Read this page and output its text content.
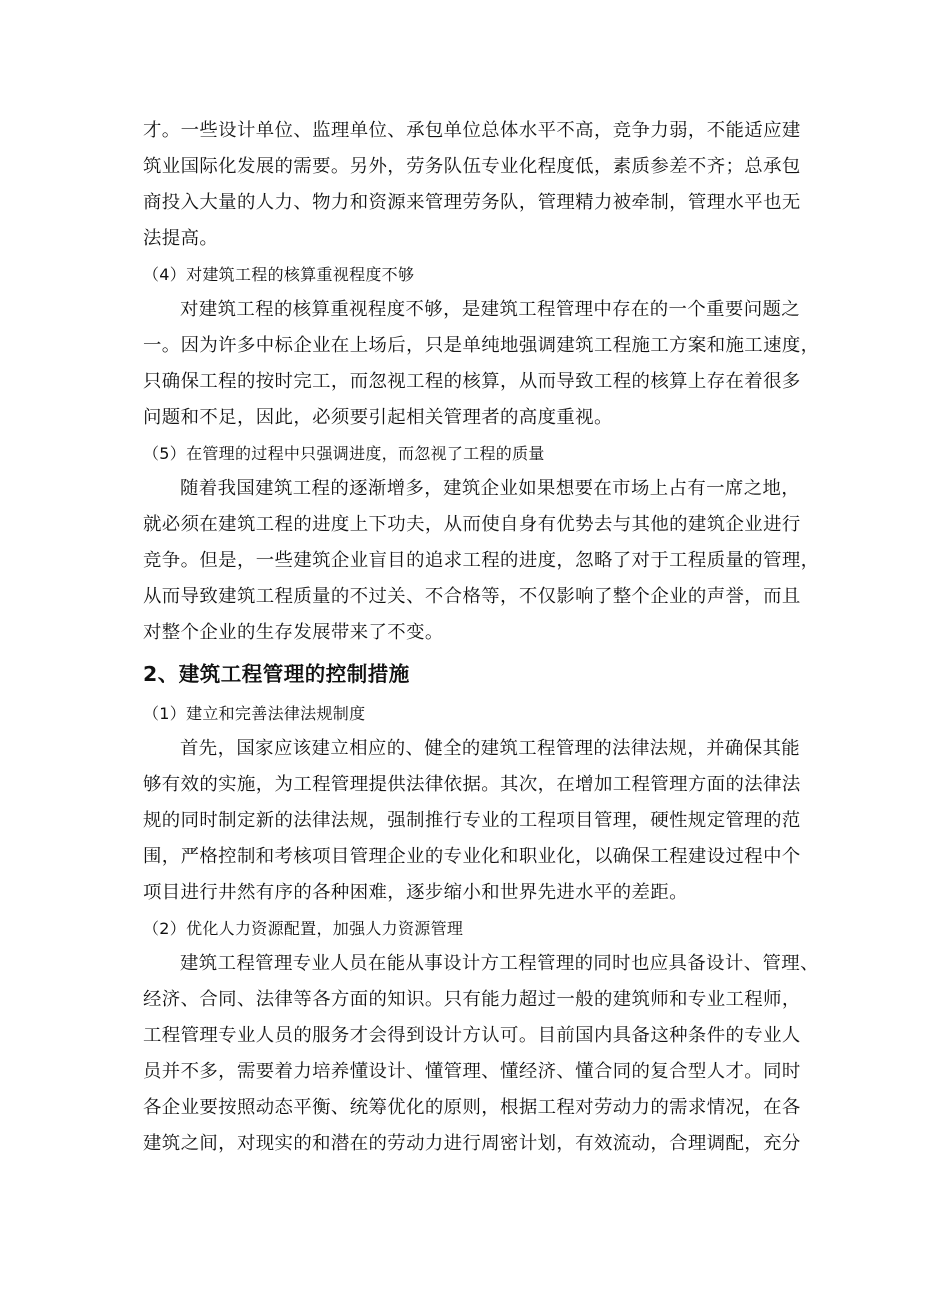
才。一些设计单位、监理单位、承包单位总体水平不高，竞争力弱，不能适应建
筑业国际化发展的需要。另外，劳务队伍专业化程度低，素质参差不齐；总承包
商投入大量的人力、物力和资源来管理劳务队，管理精力被牵制，管理水平也无
法提高。
（4）对建筑工程的核算重视程度不够
对建筑工程的核算重视程度不够，是建筑工程管理中存在的一个重要问题之
一。因为许多中标企业在上场后，只是单纯地强调建筑工程施工方案和施工速度，
只确保工程的按时完工，而忽视工程的核算，从而导致工程的核算上存在着很多
问题和不足，因此，必须要引起相关管理者的高度重视。
（5）在管理的过程中只强调进度，而忽视了工程的质量
随着我国建筑工程的逐渐增多，建筑企业如果想要在市场上占有一席之地，
就必须在建筑工程的进度上下功夫，从而使自身有优势去与其他的建筑企业进行
竞争。但是，一些建筑企业盲目的追求工程的进度，忽略了对于工程质量的管理，
从而导致建筑工程质量的不过关、不合格等，不仅影响了整个企业的声誉，而且
对整个企业的生存发展带来了不变。
2、建筑工程管理的控制措施
（1）建立和完善法律法规制度
首先，国家应该建立相应的、健全的建筑工程管理的法律法规，并确保其能
够有效的实施，为工程管理提供法律依据。其次，在增加工程管理方面的法律法
规的同时制定新的法律法规，强制推行专业的工程项目管理，硬性规定管理的范
围，严格控制和考核项目管理企业的专业化和职业化，以确保工程建设过程中个
项目进行井然有序的各种困难，逐步缩小和世界先进水平的差距。
（2）优化人力资源配置，加强人力资源管理
建筑工程管理专业人员在能从事设计方工程管理的同时也应具备设计、管理、
经济、合同、法律等各方面的知识。只有能力超过一般的建筑师和专业工程师，
工程管理专业人员的服务才会得到设计方认可。目前国内具备这种条件的专业人
员并不多，需要着力培养懂设计、懂管理、懂经济、懂合同的复合型人才。同时
各企业要按照动态平衡、统筹优化的原则，根据工程对劳动力的需求情况，在各
建筑之间，对现实的和潜在的劳动力进行周密计划，有效流动，合理调配，充分
